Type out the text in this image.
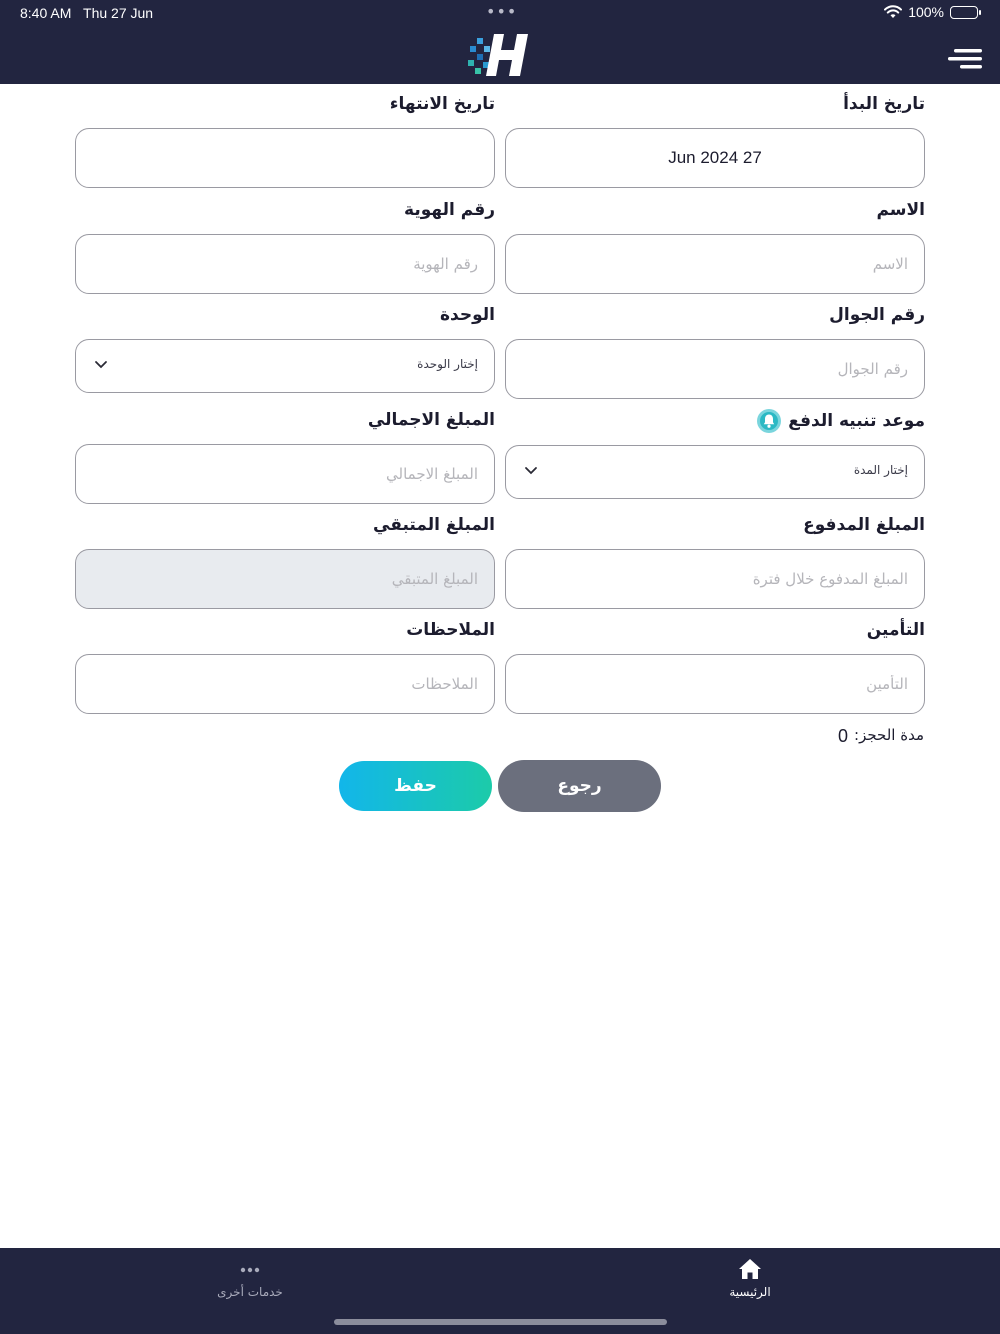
8:40 AM Thu 27 Jun	•••	100%
تاريخ البدأ
Jun 2024 27
تاريخ الانتهاء
الاسم
الاسم
رقم الهوية
رقم الهوية
رقم الجوال
رقم الجوال
الوحدة
إختار الوحدة
موعد تنبيه الدفع
إختار المدة
المبلغ الاجمالي
المبلغ الاجمالي
المبلغ المدفوع
المبلغ المدفوع خلال فترة
المبلغ المتبقي
المبلغ المتبقي
التأمين
التأمين
الملاحظات
الملاحظات
مدة الحجز:
0
حفظ	رجوع
خدمات أخرى	الرئيسية
